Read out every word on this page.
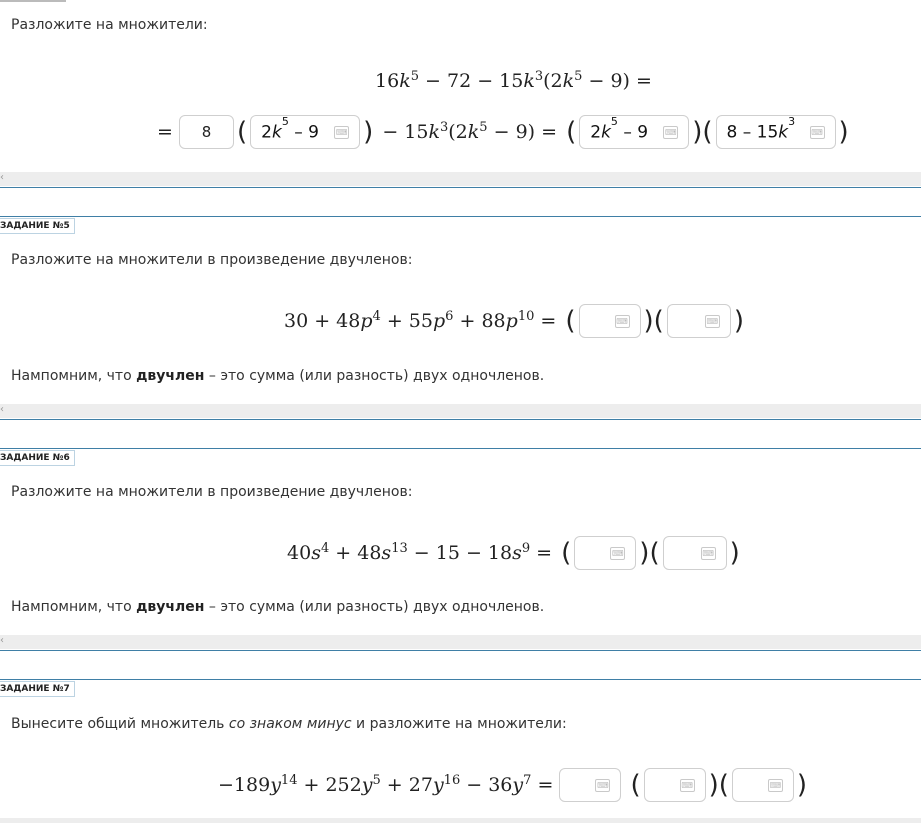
Разложите на множители:
16 $k^5 - 72 - 15$ $k^3$ (2 $k^5 - 9$) =
= 8 ( $2k^5 - 9$ ⌨ ) − 15 $k^3$ (2 $k^5 - 9$) = ( $2k^5 - 9$ ⌨ )( $8 - 15k^3$
⌨ )
‹
ЗАДАНИЕ №5
Разложите на множители в произведение двучленов:
30 + 48 $p^4 + 55$ $p^6 + 88$ $p^{10}$ = (	⌨ )(	⌨ )
Нампомним, что двучлен – это сумма (или разность) двух одночленов.
‹
ЗАДАНИЕ №6
Разложите на множители в произведение двучленов:
40 $s^4 + 48$ $s^{13} - 15 - 18$ $s^9$ = (	⌨ )(	⌨ )
Нампомним, что двучлен – это сумма (или разность) двух одночленов.
‹
ЗАДАНИЕ №7
Вынесите общий множитель со знаком минус и разложите на множители:
−189 $y^{14} + 252$ $y^5 + 27$ $y^{16} - 36$ $y^7$ =	⌨
(	⌨ )(	⌨ )
